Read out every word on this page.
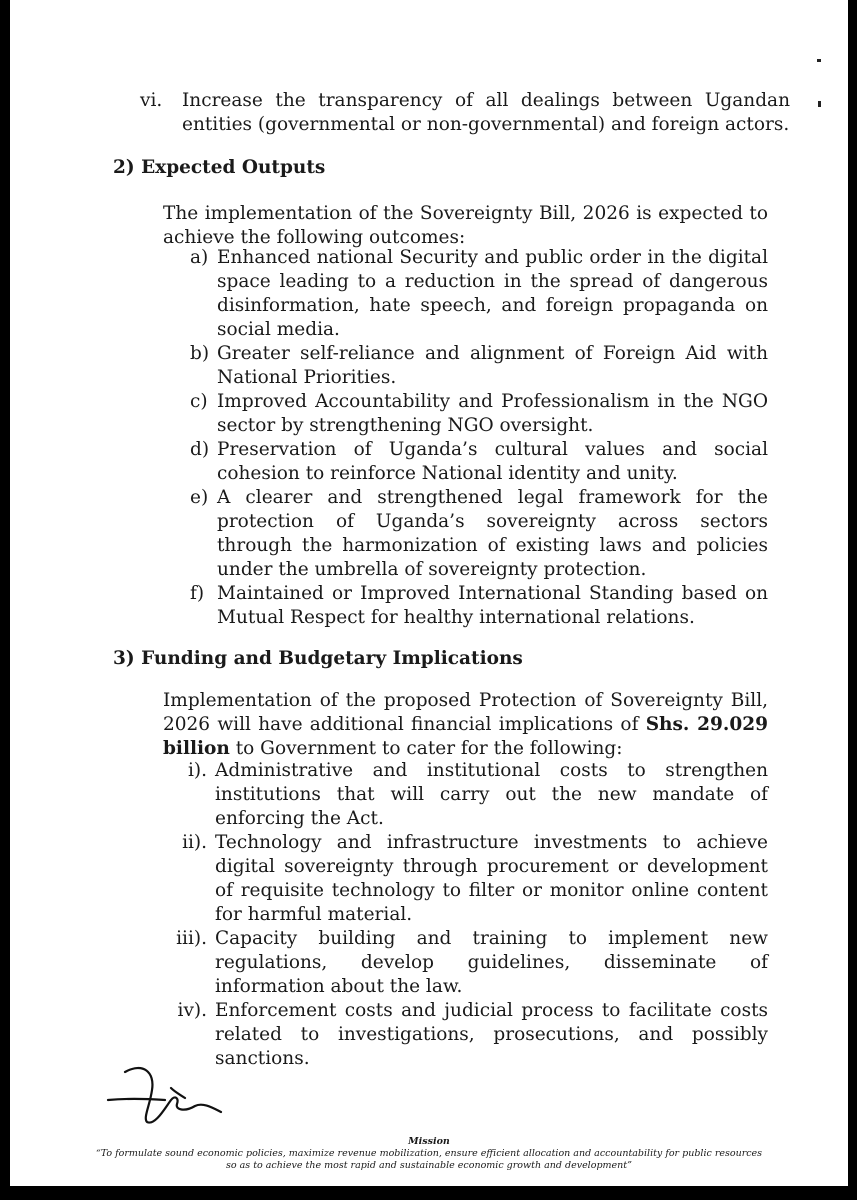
vi. Increase the transparency of all dealings between Ugandan entities (governmental or non-governmental) and foreign actors.
2) Expected Outputs
The implementation of the Sovereignty Bill, 2026 is expected to achieve the following outcomes:
a) Enhanced national Security and public order in the digital space leading to a reduction in the spread of dangerous disinformation, hate speech, and foreign propaganda on social media.
b) Greater self-reliance and alignment of Foreign Aid with National Priorities.
c) Improved Accountability and Professionalism in the NGO sector by strengthening NGO oversight.
d) Preservation of Uganda’s cultural values and social cohesion to reinforce National identity and unity.
e) A clearer and strengthened legal framework for the protection of Uganda’s sovereignty across sectors through the harmonization of existing laws and policies under the umbrella of sovereignty protection.
f) Maintained or Improved International Standing based on Mutual Respect for healthy international relations.
3) Funding and Budgetary Implications
Implementation of the proposed Protection of Sovereignty Bill, 2026 will have additional financial implications of Shs. 29.029 billion to Government to cater for the following:
i). Administrative and institutional costs to strengthen institutions that will carry out the new mandate of enforcing the Act.
ii). Technology and infrastructure investments to achieve digital sovereignty through procurement or development of requisite technology to filter or monitor online content for harmful material.
iii). Capacity building and training to implement new regulations, develop guidelines, disseminate of information about the law.
iv). Enforcement costs and judicial process to facilitate costs related to investigations, prosecutions, and possibly sanctions.
Mission
“To formulate sound economic policies, maximize revenue mobilization, ensure efficient allocation and accountability for public resources
so as to achieve the most rapid and sustainable economic growth and development”
